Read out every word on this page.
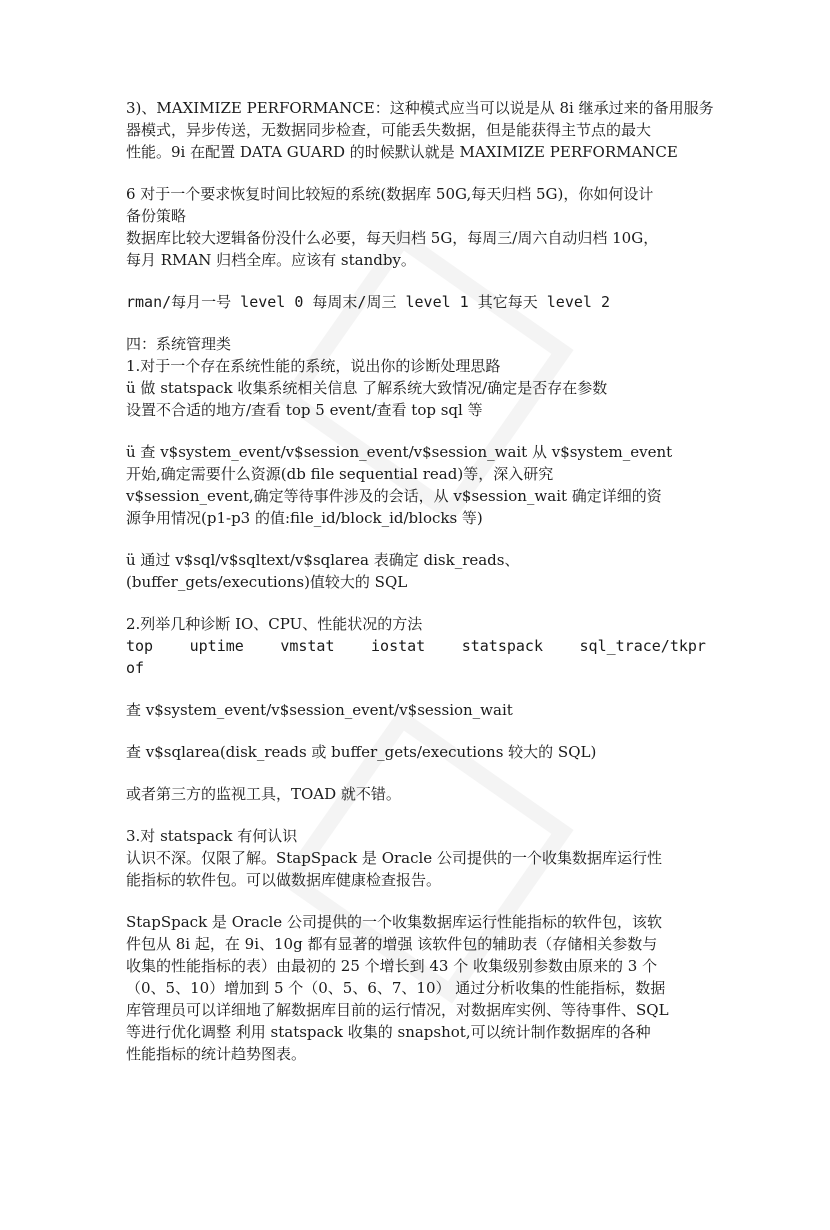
3)、MAXIMIZE PERFORMANCE：这种模式应当可以说是从 8i 继承过来的备用服务
器模式，异步传送，无数据同步检查，可能丢失数据，但是能获得主节点的最大
性能。9i 在配置 DATA GUARD 的时候默认就是 MAXIMIZE PERFORMANCE

6 对于一个要求恢复时间比较短的系统(数据库 50G,每天归档 5G)，你如何设计
备份策略

数据库比较大逻辑备份没什么必要，每天归档 5G，每周三/周六自动归档 10G，
每月 RMAN 归档全库。应该有 standby。

rman/每月一号 level 0 每周末/周三 level 1 其它每天 level 2

四：系统管理类

1.对于一个存在系统性能的系统，说出你的诊断处理思路

ü 做 statspack 收集系统相关信息 了解系统大致情况/确定是否存在参数
设置不合适的地方/查看 top 5 event/查看 top sql 等

ü 查 v$system_event/v$session_event/v$session_wait 从 v$system_event
开始,确定需要什么资源(db file sequential read)等，深入研究
v$session_event,确定等待事件涉及的会话，从 v$session_wait 确定详细的资
源争用情况(p1-p3 的值:file_id/block_id/blocks 等)

ü 通过 v$sql/v$sqltext/v$sqlarea 表确定 disk_reads、
(buffer_gets/executions)值较大的 SQL

2.列举几种诊断 IO、CPU、性能状况的方法

top uptime vmstat iostat statspack sql_trace/tkpr
of

查 v$system_event/v$session_event/v$session_wait

查 v$sqlarea(disk_reads 或 buffer_gets/executions 较大的 SQL)

或者第三方的监视工具，TOAD 就不错。

3.对 statspack 有何认识

认识不深。仅限了解。StapSpack 是 Oracle 公司提供的一个收集数据库运行性
能指标的软件包。可以做数据库健康检查报告。

StapSpack 是 Oracle 公司提供的一个收集数据库运行性能指标的软件包，该软
件包从 8i 起，在 9i、10g 都有显著的增强 该软件包的辅助表（存储相关参数与
收集的性能指标的表）由最初的 25 个增长到 43 个 收集级别参数由原来的 3 个
（0、5、10）增加到 5 个（0、5、6、7、10） 通过分析收集的性能指标，数据
库管理员可以详细地了解数据库目前的运行情况，对数据库实例、等待事件、SQL
等进行优化调整 利用 statspack 收集的 snapshot,可以统计制作数据库的各种
性能指标的统计趋势图表。
